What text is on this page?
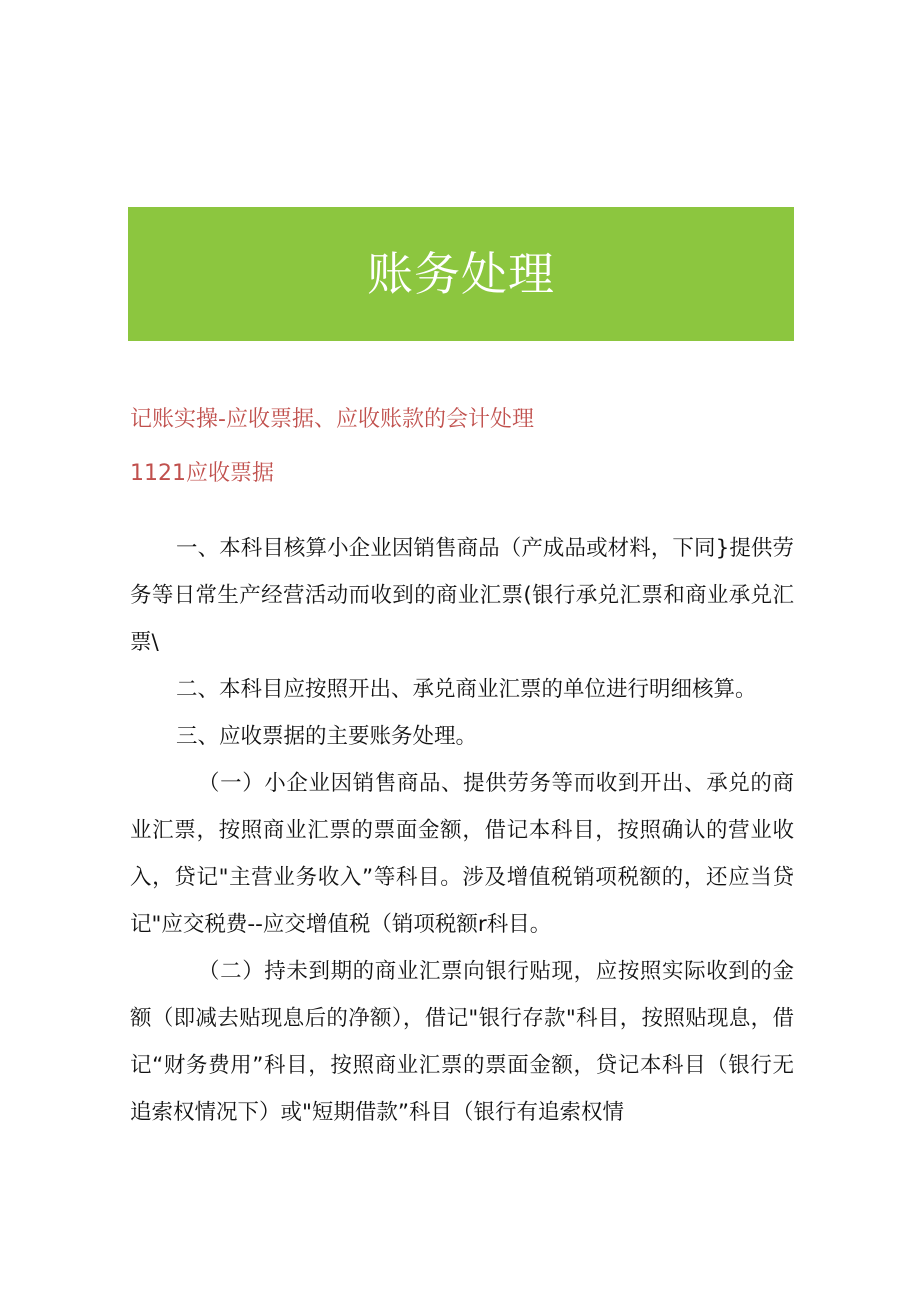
账务处理
记账实操-应收票据、应收账款的会计处理
1121应收票据

一、本科目核算小企业因销售商品（产成品或材料，下同}提供劳务等日常生产经营活动而收到的商业汇票(银行承兑汇票和商业承兑汇票\

二、本科目应按照开出、承兑商业汇票的单位进行明细核算。

三、应收票据的主要账务处理。

（一）小企业因销售商品、提供劳务等而收到开出、承兑的商业汇票，按照商业汇票的票面金额，借记本科目，按照确认的营业收入，贷记"主营业务收入”等科目。涉及增值税销项税额的，还应当贷记"应交税费--应交增值税（销项税额r科目。

（二）持未到期的商业汇票向银行贴现，应按照实际收到的金额（即减去贴现息后的净额），借记"银行存款"科目，按照贴现息，借记“财务费用”科目，按照商业汇票的票面金额，贷记本科目（银行无追索权情况下）或"短期借款”科目（银行有追索权情
